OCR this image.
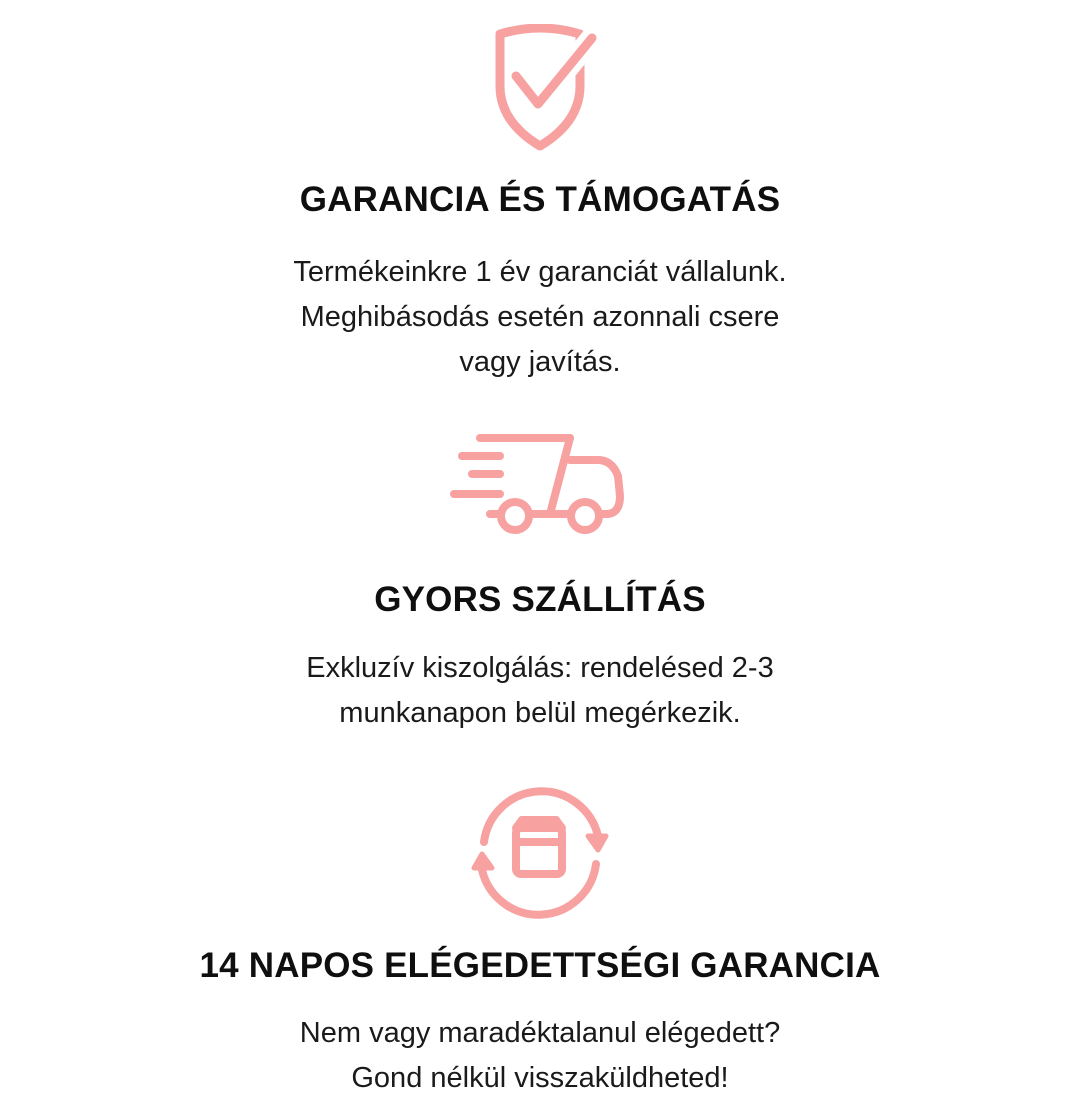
GARANCIA ÉS TÁMOGATÁS
Termékeinkre 1 év garanciát vállalunk.
Meghibásodás esetén azonnali csere
vagy javítás.
GYORS SZÁLLÍTÁS
Exkluzív kiszolgálás: rendelésed 2-3
munkanapon belül megérkezik.
14 NAPOS ELÉGEDETTSÉGI GARANCIA
Nem vagy maradéktalanul elégedett?
Gond nélkül visszaküldheted!
